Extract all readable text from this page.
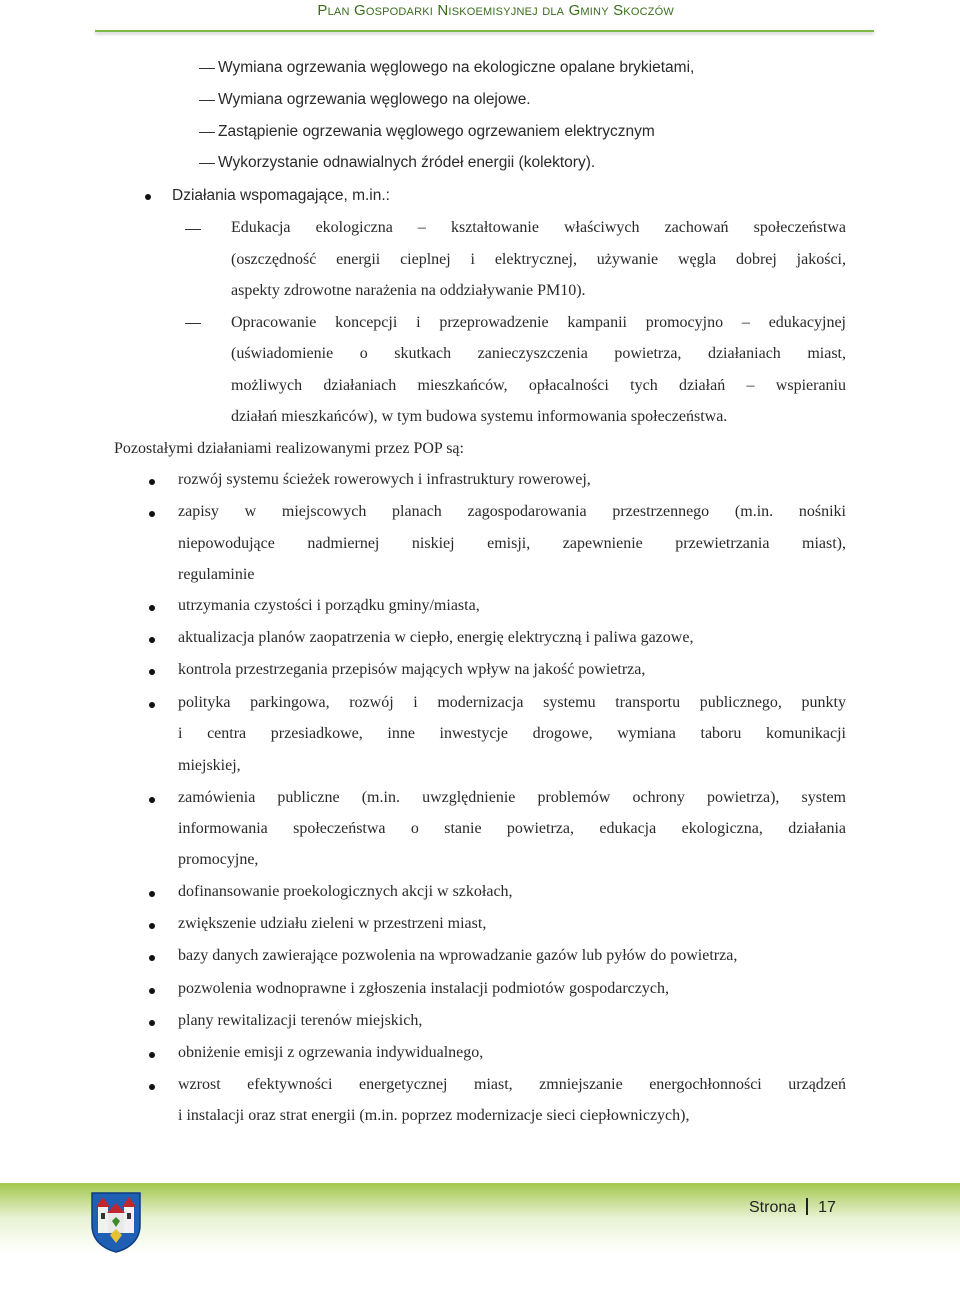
Plan Gospodarki Niskoemisyjnej dla Gminy Skoczów
Wymiana ogrzewania węglowego na ekologiczne opalane brykietami,
Wymiana ogrzewania węglowego na olejowe.
Zastąpienie ogrzewania węglowego ogrzewaniem elektrycznym
Wykorzystanie odnawialnych źródeł energii (kolektory).
Działania wspomagające, m.in.:
Edukacja ekologiczna – kształtowanie właściwych zachowań społeczeństwa
(oszczędność energii cieplnej i elektrycznej, używanie węgla dobrej jakości,
aspekty zdrowotne narażenia na oddziaływanie PM10).
Opracowanie koncepcji i przeprowadzenie kampanii promocyjno – edukacyjnej
(uświadomienie o skutkach zanieczyszczenia powietrza, działaniach miast,
możliwych działaniach mieszkańców, opłacalności tych działań – wspieraniu
działań mieszkańców), w tym budowa systemu informowania społeczeństwa.
Pozostałymi działaniami realizowanymi przez POP są:
rozwój systemu ścieżek rowerowych i infrastruktury rowerowej,
zapisy w miejscowych planach zagospodarowania przestrzennego (m.in. nośniki
niepowodujące nadmiernej niskiej emisji, zapewnienie przewietrzania miast),
regulaminie
utrzymania czystości i porządku gminy/miasta,
aktualizacja planów zaopatrzenia w ciepło, energię elektryczną i paliwa gazowe,
kontrola przestrzegania przepisów mających wpływ na jakość powietrza,
polityka parkingowa, rozwój i modernizacja systemu transportu publicznego, punkty
i centra przesiadkowe, inne inwestycje drogowe, wymiana taboru komunikacji
miejskiej,
zamówienia publiczne (m.in. uwzględnienie problemów ochrony powietrza), system
informowania społeczeństwa o stanie powietrza, edukacja ekologiczna, działania
promocyjne,
dofinansowanie proekologicznych akcji w szkołach,
zwiększenie udziału zieleni w przestrzeni miast,
bazy danych zawierające pozwolenia na wprowadzanie gazów lub pyłów do powietrza,
pozwolenia wodnoprawne i zgłoszenia instalacji podmiotów gospodarczych,
plany rewitalizacji terenów miejskich,
obniżenie emisji z ogrzewania indywidualnego,
wzrost efektywności energetycznej miast, zmniejszanie energochłonności urządzeń
i instalacji oraz strat energii (m.in. poprzez modernizacje sieci ciepłowniczych),
Strona 17
